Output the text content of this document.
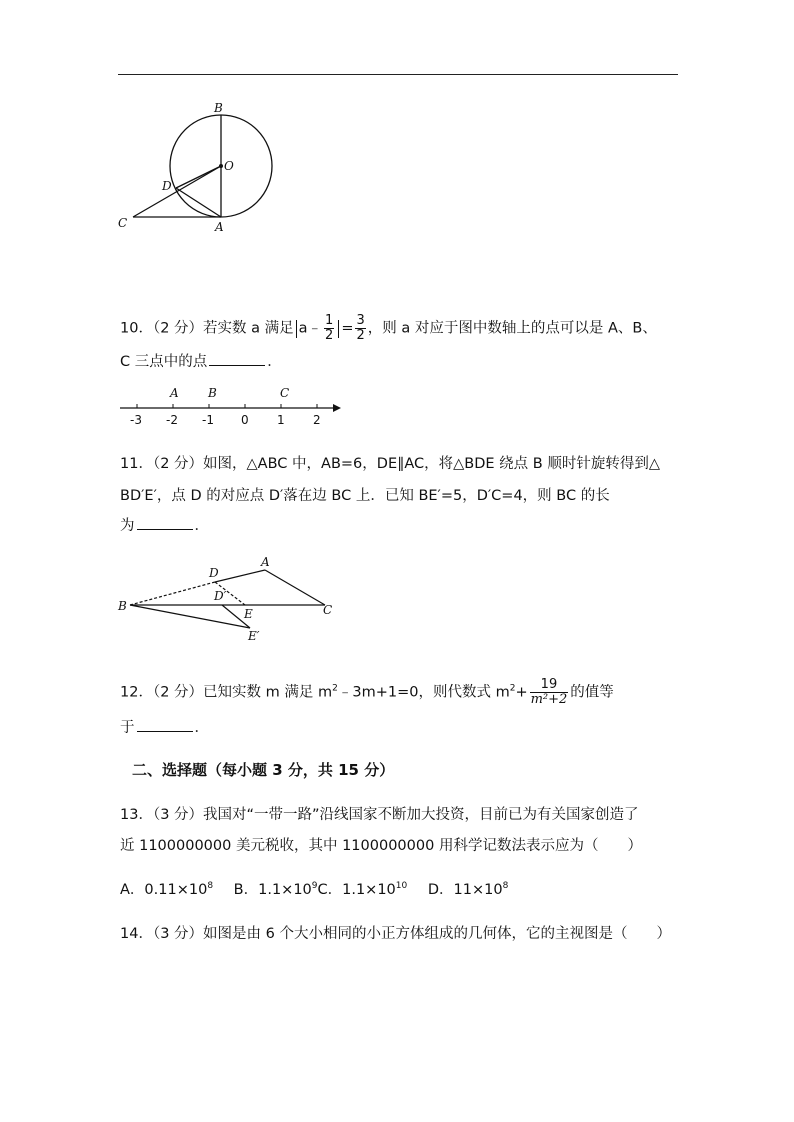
B
O
D
C	A
10．（2 分）若实数 a 满足 a﹣ $\frac{1}{2} = \frac{3}{2}$ ，则 a 对应于图中数轴上的点可以是 A、B、
C 三点中的点	．
-3 -2 -1 0 1 2
A B	C
11．（2 分）如图，△ABC 中，AB=6，DE∥AC，将△BDE 绕点 B 顺时针旋转得到△
BD′E′，点 D 的对应点 D′落在边 BC 上．已知 BE′=5，D′C=4，则 BC 的长
为	．
A
D
D′
B
E	C
E′
12．（2 分）已知实数 m 满足 $m^2﹣3m+1=0$，则代数式 $m^2+ \frac{19}{\text{m²+2}}$ 的值等
于	．
二、选择题（每小题 3 分，共 15 分）
13．（3 分）我国对“一带一路”沿线国家不断加大投资，目前已为有关国家创造了
近 1100000000 美元税收，其中 1100000000 用科学记数法表示应为（　　）
A．$0.11\times 10^8$ B．$1.1\times 10^9C$．$1.1\times 10^{10}$ D．$11\times 10^8$
14．（3 分）如图是由 6 个大小相同的小正方体组成的几何体，它的主视图是（　　）
